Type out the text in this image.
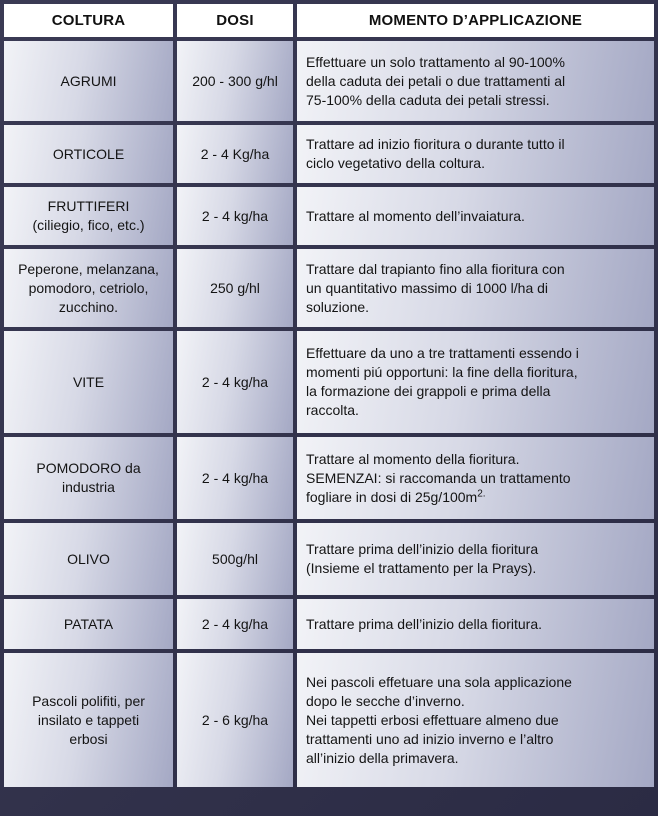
COLTURA	DOSI	MOMENTO D’APPLICAZIONE

AGRUMI	200 - 300 g/hl	Effettuare un solo trattamento al 90-100%
della caduta dei petali o due trattamenti al
75-100% della caduta dei petali stressi.

ORTICOLE	2 - 4 Kg/ha	Trattare ad inizio fioritura o durante tutto il
ciclo vegetativo della coltura.

FRUTTIFERI
(ciliegio, fico, etc.)	2 - 4 kg/ha	Trattare al momento dell’invaiatura.

Peperone, melanzana,
pomodoro, cetriolo,
zucchino.	250 g/hl	Trattare dal trapianto fino alla fioritura con
un quantitativo massimo di 1000 l/ha di
soluzione.

VITE	2 - 4 kg/ha	Effettuare da uno a tre trattamenti essendo i
momenti piú opportuni: la fine della fioritura,
la formazione dei grappoli e prima della
raccolta.

POMODORO da
industria	2 - 4 kg/ha	Trattare al momento della fioritura.
SEMENZAI: si raccomanda un trattamento
fogliare in dosi di $25g/100m^{2.}$

OLIVO	500g/hl	Trattare prima dell’inizio della fioritura
(Insieme el trattamento per la Prays).

PATATA	2 - 4 kg/ha	Trattare prima dell’inizio della fioritura.

Pascoli polifiti, per
insilato e tappeti
erbosi	2 - 6 kg/ha	Nei pascoli effetuare una sola applicazione
dopo le secche d’inverno.
Nei tappetti erbosi effettuare almeno due
trattamenti uno ad inizio inverno e l’altro
all’inizio della primavera.
